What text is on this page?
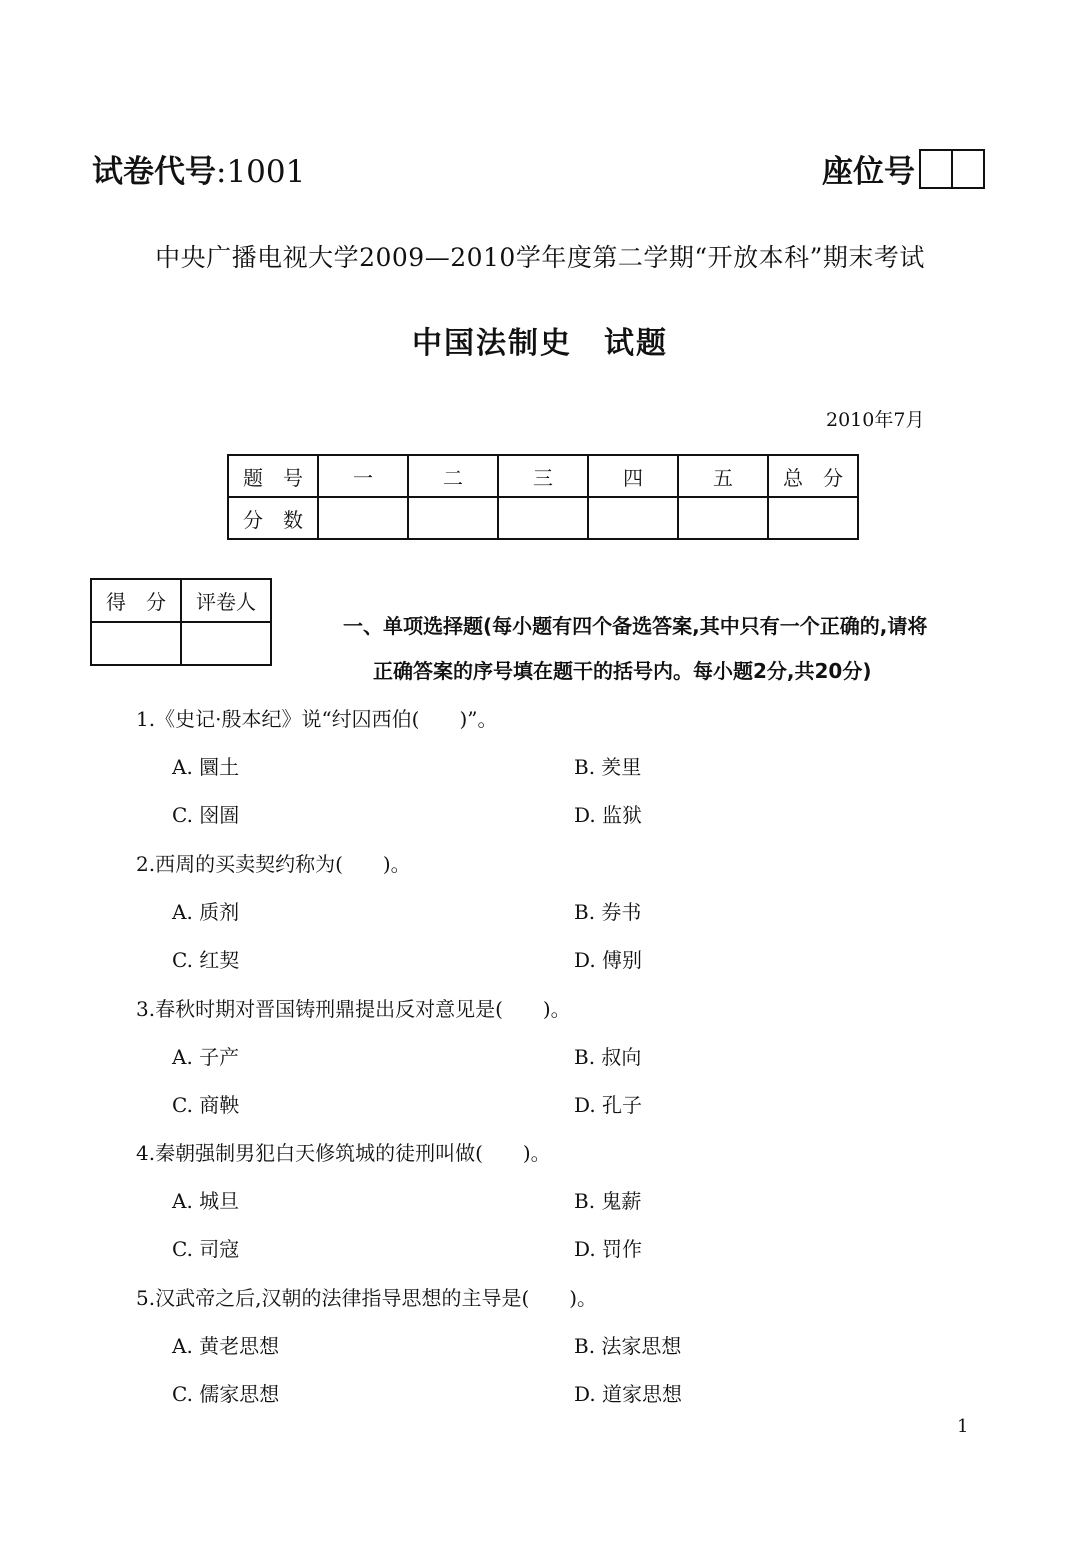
试卷代号:1001	座位号
中央广播电视大学2009—2010学年度第二学期“开放本科”期末考试
中国法制史　试题
2010年7月
题　号	一	二	三	四	五	总　分
分　数						
得　分	评卷人

一、单项选择题(每小题有四个备选答案,其中只有一个正确的,请将
正确答案的序号填在题干的括号内。每小题2分,共20分)
1.《史记·殷本纪》说“纣囚西伯(　　)”。
A. 圜土	B. 羑里
C. 囹圄	D. 监狱
2.西周的买卖契约称为(　　)。
A. 质剂	B. 券书
C. 红契	D. 傅别
3.春秋时期对晋国铸刑鼎提出反对意见是(　　)。
A. 子产	B. 叔向
C. 商鞅	D. 孔子
4.秦朝强制男犯白天修筑城的徒刑叫做(　　)。
A. 城旦	B. 鬼薪
C. 司寇	D. 罚作
5.汉武帝之后,汉朝的法律指导思想的主导是(　　)。
A. 黄老思想	B. 法家思想
C. 儒家思想	D. 道家思想
1
